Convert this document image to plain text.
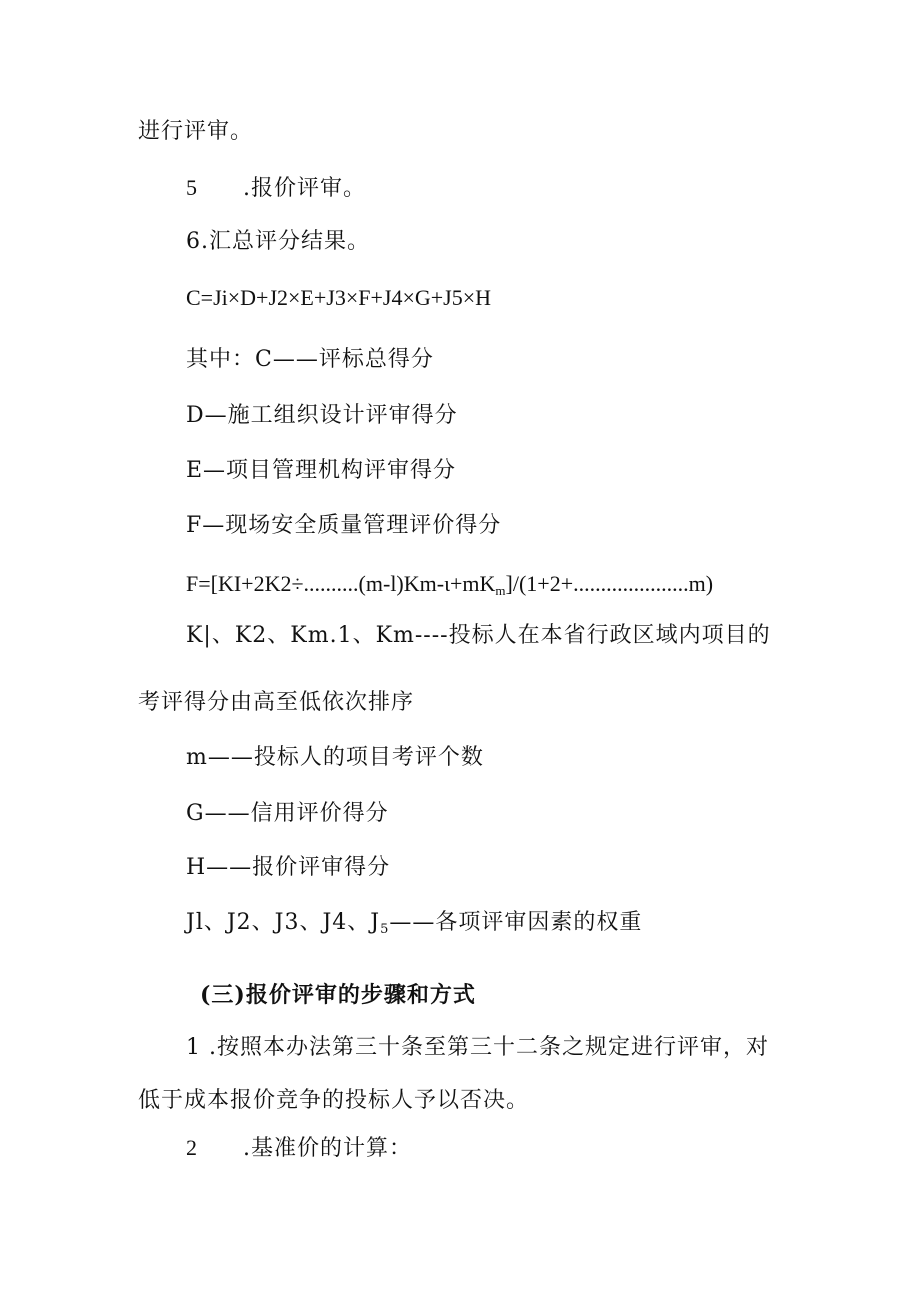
进行评审。
5 .报价评审。
6.汇总评分结果。
C=Ji×D+J2×E+J3×F+J4×G+J5×H
其中：C——评标总得分
D—施工组织设计评审得分
E—项目管理机构评审得分
F—现场安全质量管理评价得分
$F=[KI+2K2\div..........(m-l)Km-\iota+mK_m]/(1+2+.....................m)$
K|、K2、Km.1、Km----投标人在本省行政区域内项目的
考评得分由高至低依次排序
m——投标人的项目考评个数
G——信用评价得分
H——报价评审得分
Jl、J2、J3、J4、$J_5——$各项评审因素的权重
(三)报价评审的步骤和方式
1 .按照本办法第三十条至第三十二条之规定进行评审，对
低于成本报价竞争的投标人予以否决。
2 .基准价的计算：
